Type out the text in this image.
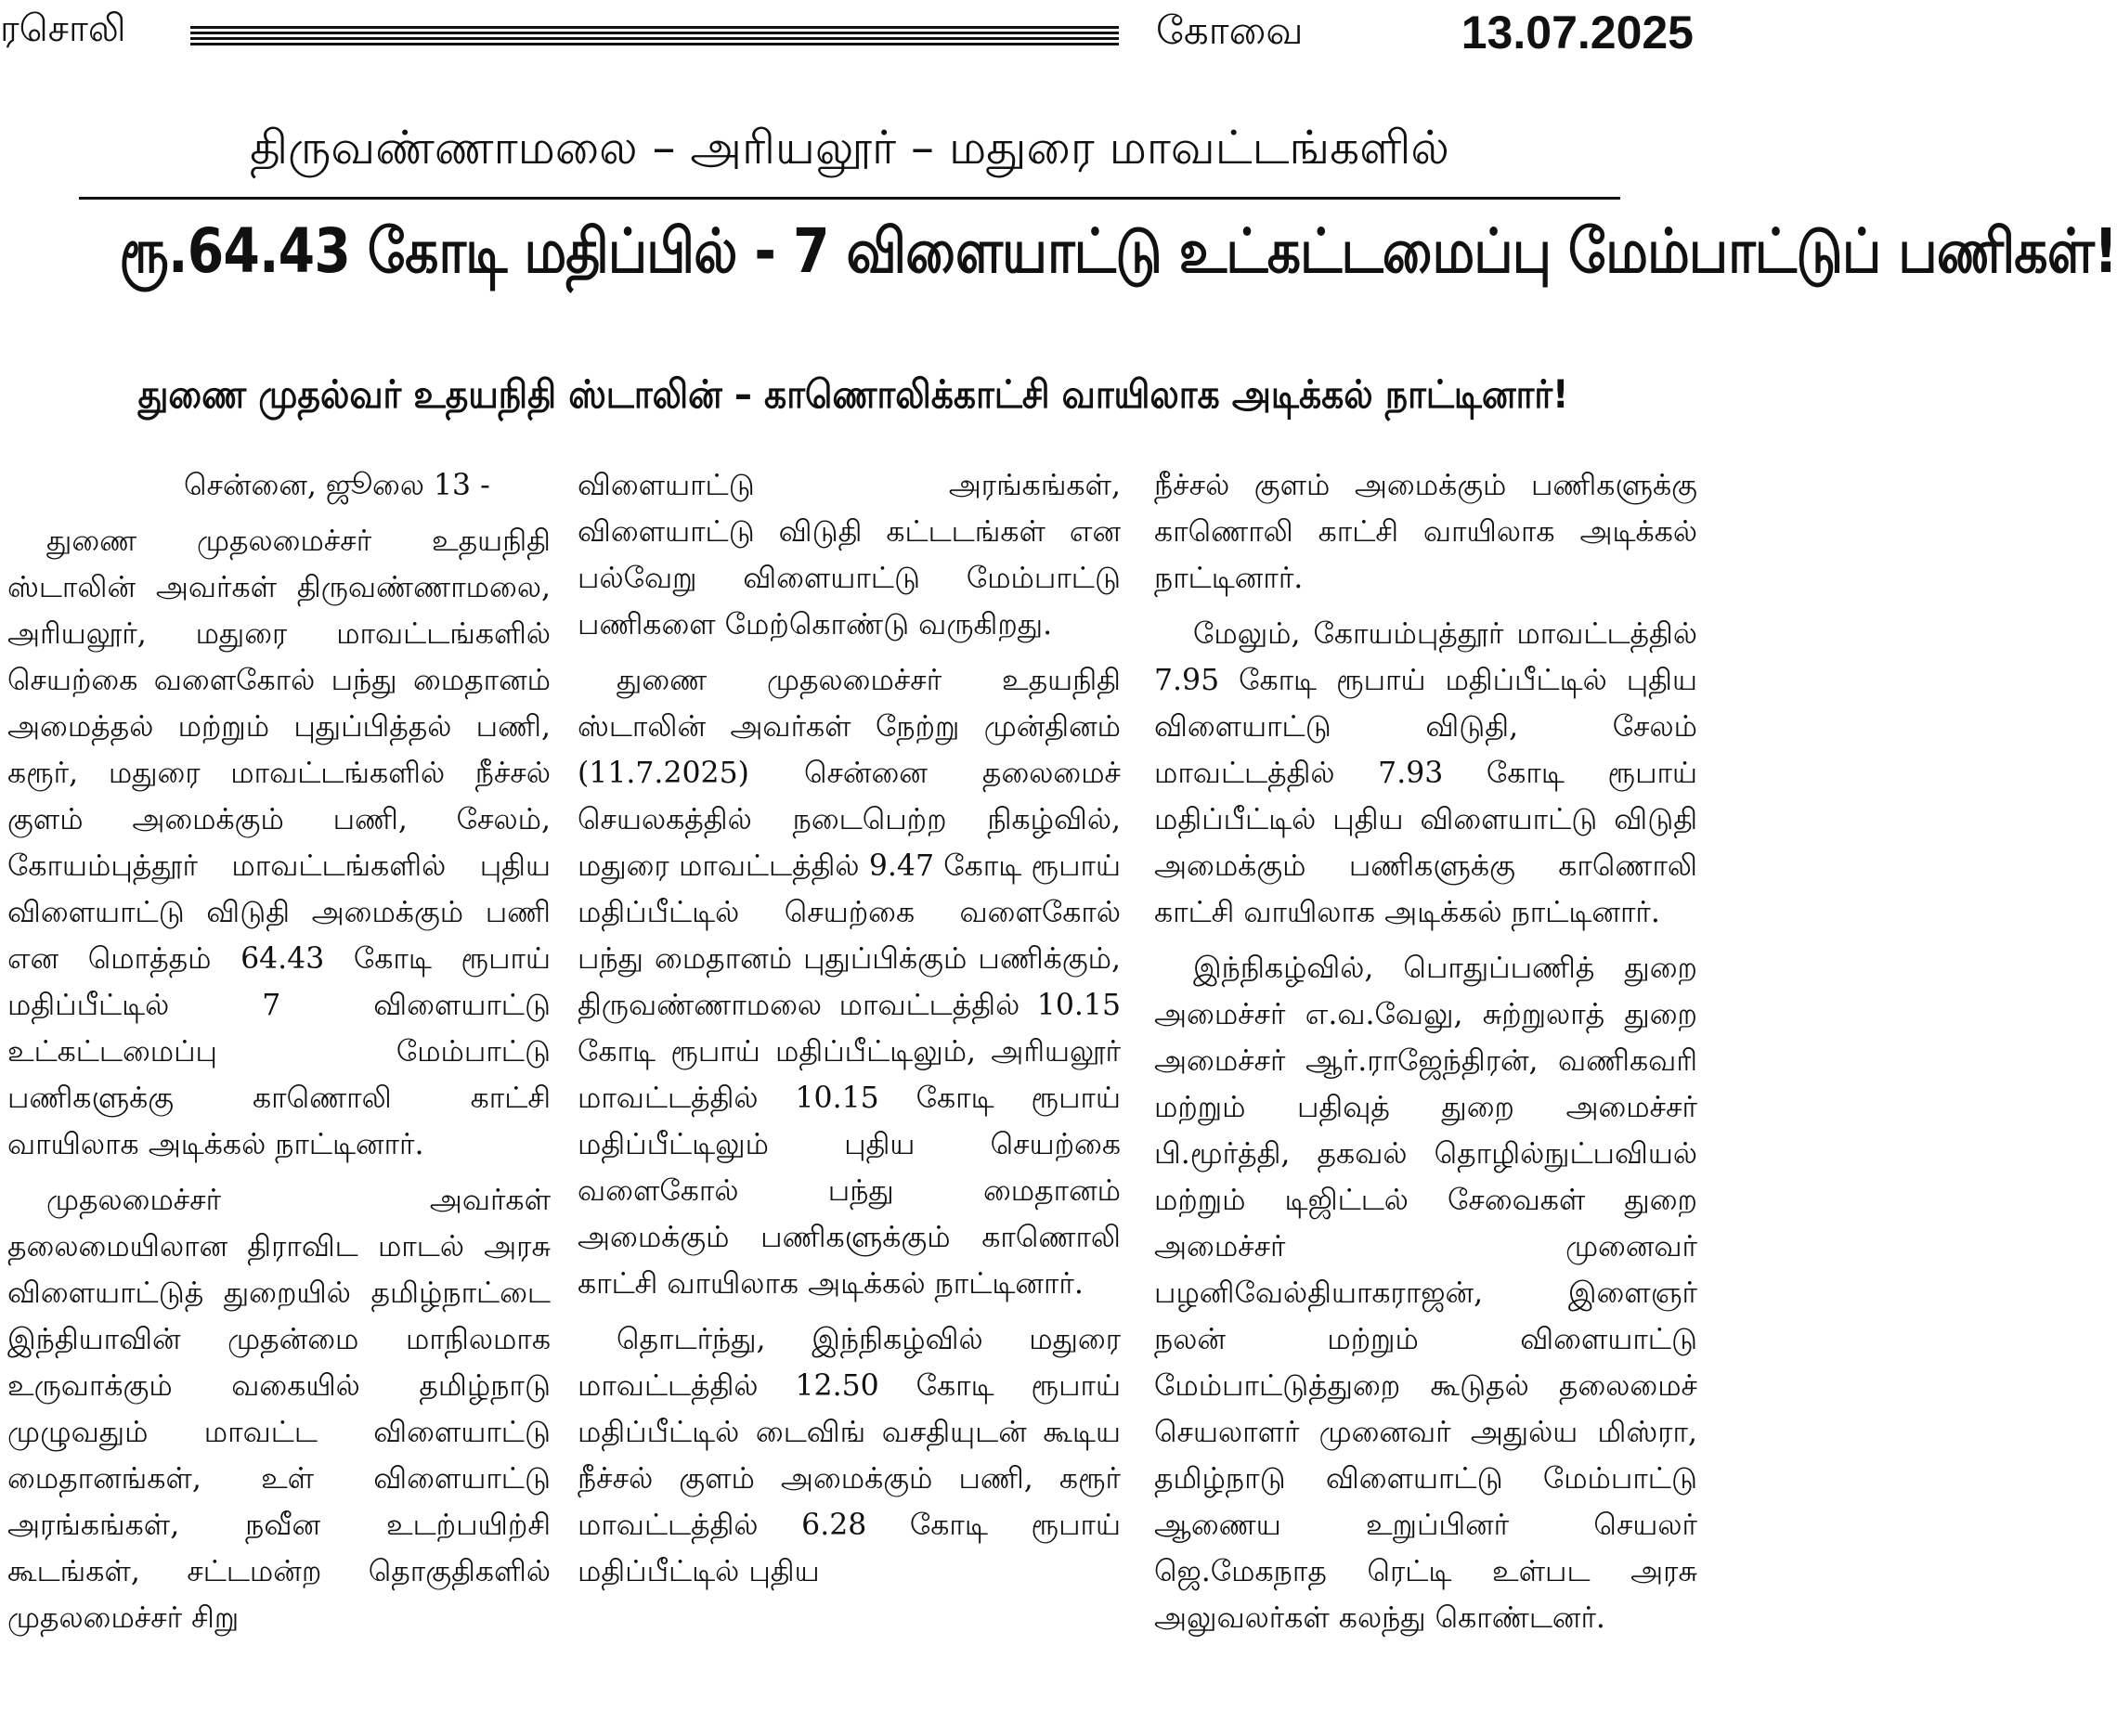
ரசொலி	கோவை	13.07.2025
திருவண்ணாமலை – அரியலூர் – மதுரை மாவட்டங்களில்
ரூ.64.43 கோடி மதிப்பில் - 7 விளையாட்டு உட்கட்டமைப்பு மேம்பாட்டுப் பணிகள்!
துணை முதல்வர் உதயநிதி ஸ்டாலின் – காணொலிக்காட்சி வாயிலாக அடிக்கல் நாட்டினார்!

சென்னை, ஜூலை 13 -

துணை முதலமைச்சர் உதயநிதி ஸ்டாலின் அவர்கள் திருவண்ணாமலை, அரியலூர், மதுரை மாவட்டங்களில் செயற்கை வளைகோல் பந்து மைதானம் அமைத்தல் மற்றும் புதுப்பித்தல் பணி, கரூர், மதுரை மாவட்டங்களில் நீச்சல் குளம் அமைக்கும் பணி, சேலம், கோயம்புத்தூர் மாவட்டங்களில் புதிய விளையாட்டு விடுதி அமைக்கும் பணி என மொத்தம் 64.43 கோடி ரூபாய் மதிப்பீட்டில் 7 விளையாட்டு உட்கட்டமைப்பு மேம்பாட்டு பணிகளுக்கு காணொலி காட்சி வாயிலாக அடிக்கல் நாட்டினார்.

முதலமைச்சர் அவர்கள் தலைமையிலான திராவிட மாடல் அரசு விளையாட்டுத் துறையில் தமிழ்நாட்டை இந்தியாவின் முதன்மை மாநிலமாக உருவாக்கும் வகையில் தமிழ்நாடு முழுவதும் மாவட்ட விளையாட்டு மைதானங்கள், உள் விளையாட்டு அரங்கங்கள், நவீன உடற்பயிற்சி கூடங்கள், சட்டமன்ற தொகுதிகளில் முதலமைச்சர் சிறு

விளையாட்டு அரங்கங்கள், விளையாட்டு விடுதி கட்டடங்கள் என பல்வேறு விளையாட்டு மேம்பாட்டு பணிகளை மேற்கொண்டு வருகிறது.

துணை முதலமைச்சர் உதயநிதி ஸ்டாலின் அவர்கள் நேற்று முன்தினம் (11.7.2025) சென்னை தலைமைச் செயலகத்தில் நடைபெற்ற நிகழ்வில், மதுரை மாவட்டத்தில் 9.47 கோடி ரூபாய் மதிப்பீட்டில் செயற்கை வளைகோல் பந்து மைதானம் புதுப்பிக்கும் பணிக்கும், திருவண்ணாமலை மாவட்டத்தில் 10.15 கோடி ரூபாய் மதிப்பீட்டிலும், அரியலூர் மாவட்டத்தில் 10.15 கோடி ரூபாய் மதிப்பீட்டிலும் புதிய செயற்கை வளைகோல் பந்து மைதானம் அமைக்கும் பணிகளுக்கும் காணொலி காட்சி வாயிலாக அடிக்கல் நாட்டினார்.

தொடர்ந்து, இந்நிகழ்வில் மதுரை மாவட்டத்தில் 12.50 கோடி ரூபாய் மதிப்பீட்டில் டைவிங் வசதியுடன் கூடிய நீச்சல் குளம் அமைக்கும் பணி, கரூர் மாவட்டத்தில் 6.28 கோடி ரூபாய் மதிப்பீட்டில் புதிய

நீச்சல் குளம் அமைக்கும் பணிகளுக்கு காணொலி காட்சி வாயிலாக அடிக்கல் நாட்டினார்.

மேலும், கோயம்புத்தூர் மாவட்டத்தில் 7.95 கோடி ரூபாய் மதிப்பீட்டில் புதிய விளையாட்டு விடுதி, சேலம் மாவட்டத்தில் 7.93 கோடி ரூபாய் மதிப்பீட்டில் புதிய விளையாட்டு விடுதி அமைக்கும் பணிகளுக்கு காணொலி காட்சி வாயிலாக அடிக்கல் நாட்டினார்.

இந்நிகழ்வில், பொதுப்பணித் துறை அமைச்சர் எ.வ.வேலு, சுற்றுலாத் துறை அமைச்சர் ஆர்.ராஜேந்திரன், வணிகவரி மற்றும் பதிவுத் துறை அமைச்சர் பி.மூர்த்தி, தகவல் தொழில்நுட்பவியல் மற்றும் டிஜிட்டல் சேவைகள் துறை அமைச்சர் முனைவர் பழனிவேல்தியாகராஜன், இளைஞர் நலன் மற்றும் விளையாட்டு மேம்பாட்டுத்துறை கூடுதல் தலைமைச் செயலாளர் முனைவர் அதுல்ய மிஸ்ரா, தமிழ்நாடு விளையாட்டு மேம்பாட்டு ஆணைய உறுப்பினர் செயலர் ஜெ.மேகநாத ரெட்டி உள்பட அரசு அலுவலர்கள் கலந்து கொண்டனர்.
